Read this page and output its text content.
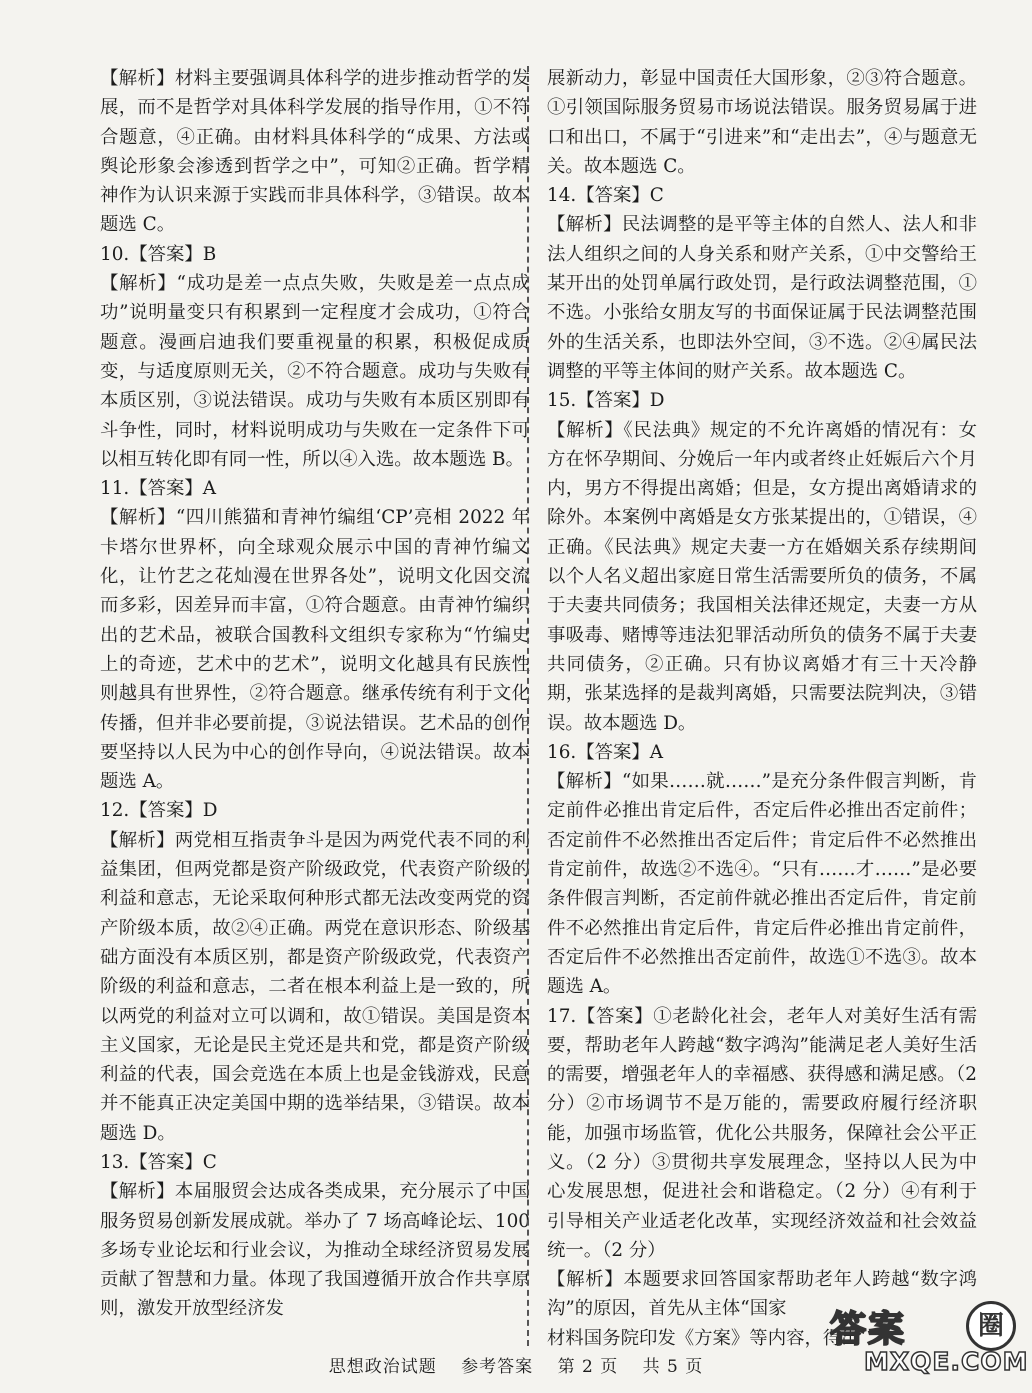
【解析】材料主要强调具体科学的进步推动哲学的发展，而不是哲学对具体科学发展的指导作用，①不符合题意，④正确。由材料具体科学的“成果、方法或舆论形象会渗透到哲学之中”，可知②正确。哲学精神作为认识来源于实践而非具体科学，③错误。故本题选 C。

10.【答案】B

【解析】“成功是差一点点失败，失败是差一点点成功”说明量变只有积累到一定程度才会成功，①符合题意。漫画启迪我们要重视量的积累，积极促成质变，与适度原则无关，②不符合题意。成功与失败有本质区别，③说法错误。成功与失败有本质区别即有斗争性，同时，材料说明成功与失败在一定条件下可以相互转化即有同一性，所以④入选。故本题选 B。

11.【答案】A

【解析】“四川熊猫和青神竹编组‘CP’亮相 2022 年卡塔尔世界杯，向全球观众展示中国的青神竹编文化，让竹艺之花灿漫在世界各处”，说明文化因交流而多彩，因差异而丰富，①符合题意。由青神竹编织出的艺术品，被联合国教科文组织专家称为“竹编史上的奇迹，艺术中的艺术”，说明文化越具有民族性则越具有世界性，②符合题意。继承传统有利于文化传播，但并非必要前提，③说法错误。艺术品的创作要坚持以人民为中心的创作导向，④说法错误。故本题选 A。

12.【答案】D

【解析】两党相互指责争斗是因为两党代表不同的利益集团，但两党都是资产阶级政党，代表资产阶级的利益和意志，无论采取何种形式都无法改变两党的资产阶级本质，故②④正确。两党在意识形态、阶级基础方面没有本质区别，都是资产阶级政党，代表资产阶级的利益和意志，二者在根本利益上是一致的，所以两党的利益对立可以调和，故①错误。美国是资本主义国家，无论是民主党还是共和党，都是资产阶级利益的代表，国会竞选在本质上也是金钱游戏，民意并不能真正决定美国中期的选举结果，③错误。故本题选 D。

13.【答案】C

【解析】本届服贸会达成各类成果，充分展示了中国服务贸易创新发展成就。举办了 7 场高峰论坛、100 多场专业论坛和行业会议，为推动全球经济贸易发展贡献了智慧和力量。体现了我国遵循开放合作共享原则，激发开放型经济发

展新动力，彰显中国责任大国形象，②③符合题意。①引领国际服务贸易市场说法错误。服务贸易属于进口和出口，不属于“引进来”和“走出去”，④与题意无关。故本题选 C。

14.【答案】C

【解析】民法调整的是平等主体的自然人、法人和非法人组织之间的人身关系和财产关系，①中交警给王某开出的处罚单属行政处罚，是行政法调整范围，①不选。小张给女朋友写的书面保证属于民法调整范围外的生活关系，也即法外空间，③不选。②④属民法调整的平等主体间的财产关系。故本题选 C。

15.【答案】D

【解析】《民法典》规定的不允许离婚的情况有：女方在怀孕期间、分娩后一年内或者终止妊娠后六个月内，男方不得提出离婚；但是，女方提出离婚请求的除外。本案例中离婚是女方张某提出的，①错误，④正确。《民法典》规定夫妻一方在婚姻关系存续期间以个人名义超出家庭日常生活需要所负的债务，不属于夫妻共同债务；我国相关法律还规定，夫妻一方从事吸毒、赌博等违法犯罪活动所负的债务不属于夫妻共同债务，②正确。只有协议离婚才有三十天冷静期，张某选择的是裁判离婚，只需要法院判决，③错误。故本题选 D。

16.【答案】A

【解析】“如果……就……”是充分条件假言判断，肯定前件必推出肯定后件，否定后件必推出否定前件；否定前件不必然推出否定后件；肯定后件不必然推出肯定前件，故选②不选④。“只有……才……”是必要条件假言判断，否定前件就必推出否定后件，肯定前件不必然推出肯定后件，肯定后件必推出肯定前件，否定后件不必然推出否定前件，故选①不选③。故本题选 A。

17.【答案】①老龄化社会，老年人对美好生活有需要，帮助老年人跨越“数字鸿沟”能满足老人美好生活的需要，增强老年人的幸福感、获得感和满足感。（2 分）②市场调节不是万能的，需要政府履行经济职能，加强市场监管，优化公共服务，保障社会公平正义。（2 分）③贯彻共享发展理念，坚持以人民为中心发展思想，促进社会和谐稳定。（2 分）④有利于引导相关产业适老化改革，实现经济效益和社会效益统一。（2 分）

【解析】本题要求回答国家帮助老年人跨越“数字鸿沟”的原因，首先从主体“国家

材料国务院印发《方案》等内容，得出

思想政治试题 参考答案 第 2 页 共 5 页
答案	圈
MXQE.COM
